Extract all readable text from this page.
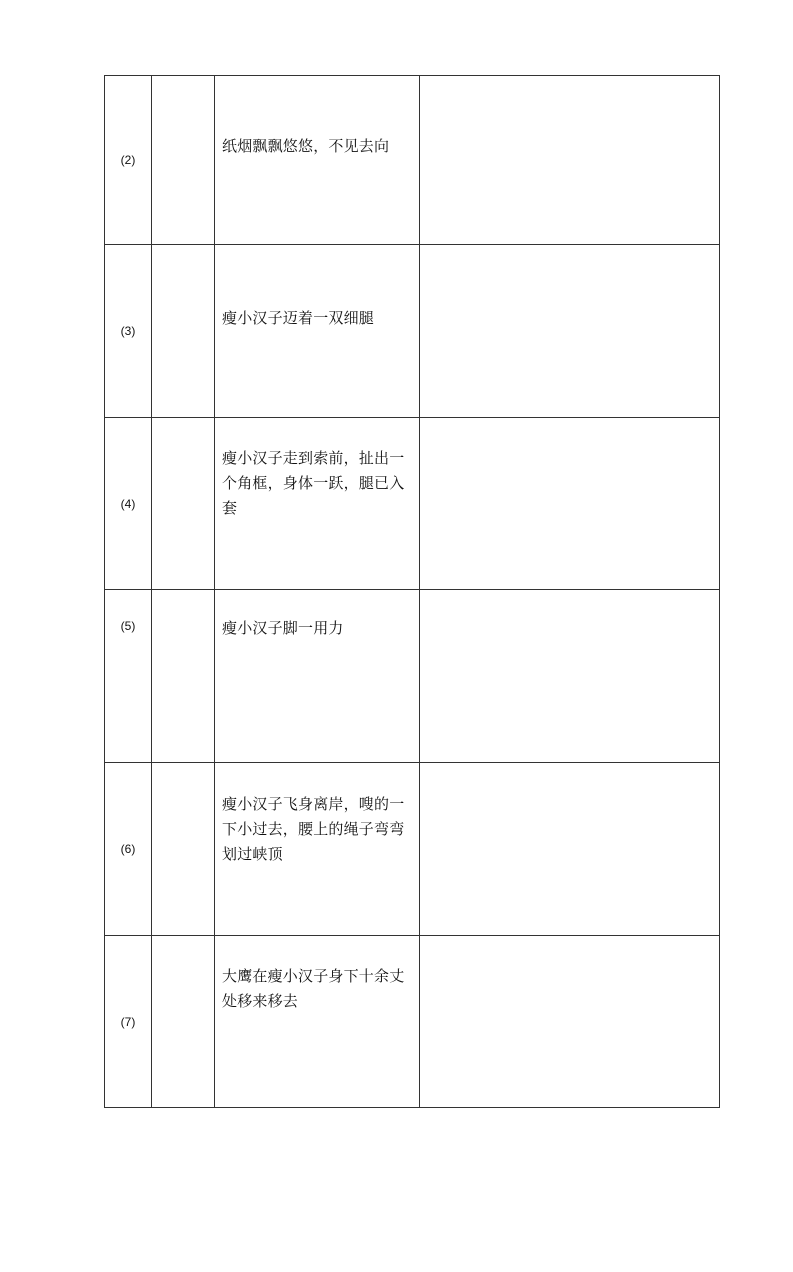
(2)		纸烟飘飘悠悠，不见去向	

(3)		瘦小汉子迈着一双细腿	

(4)		瘦小汉子走到索前，扯出一个角框，身体一跃，腿已入套	

(5)		瘦小汉子脚一用力	

(6)		瘦小汉子飞身离岸，嗖的一下小过去，腰上的绳子弯弯划过峡顶	

(7)		大鹰在瘦小汉子身下十余丈处移来移去	
